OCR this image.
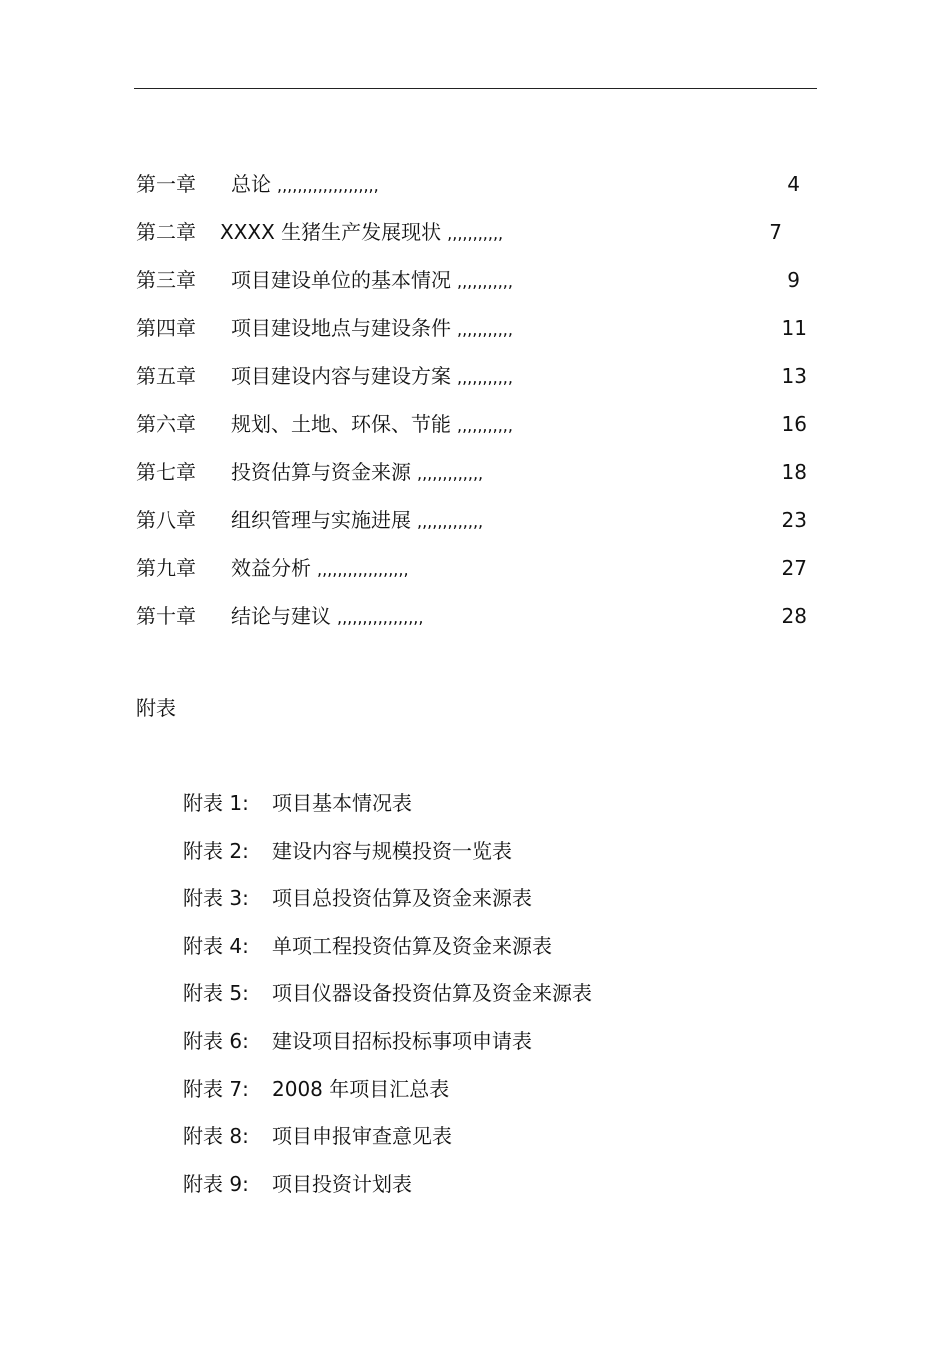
第一章 总论 ,,,,,,,,,,,,,,,,,,,,	4
第二章 XXXX 生猪生产发展现状 ,,,,,,,,,,,	7
第三章 项目建设单位的基本情况 ,,,,,,,,,,,	9
第四章 项目建设地点与建设条件 ,,,,,,,,,,,	11
第五章 项目建设内容与建设方案 ,,,,,,,,,,,	13
第六章 规划、土地、环保、节能 ,,,,,,,,,,,	16
第七章 投资估算与资金来源 ,,,,,,,,,,,,,	18
第八章 组织管理与实施进展 ,,,,,,,,,,,,,	23
第九章 效益分析 ,,,,,,,,,,,,,,,,,,	27
第十章 结论与建议 ,,,,,,,,,,,,,,,,,	28
附表
附表 1: 项目基本情况表
附表 2: 建设内容与规模投资一览表
附表 3: 项目总投资估算及资金来源表
附表 4: 单项工程投资估算及资金来源表
附表 5: 项目仪器设备投资估算及资金来源表
附表 6: 建设项目招标投标事项申请表
附表 7: 2008 年项目汇总表
附表 8: 项目申报审查意见表
附表 9: 项目投资计划表
